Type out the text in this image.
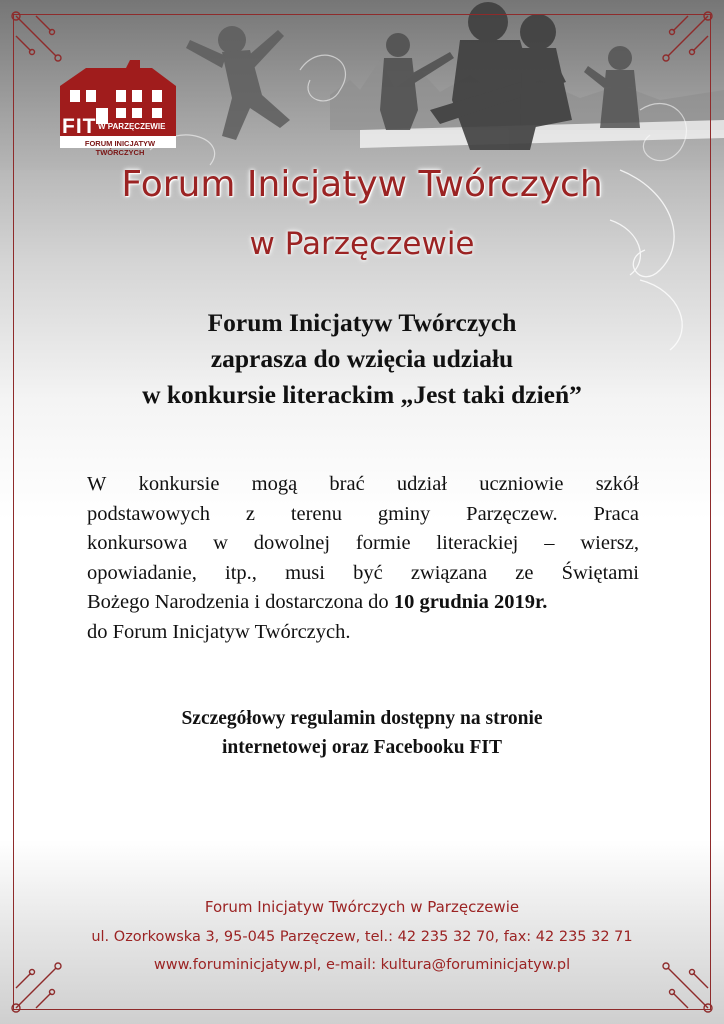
FIT W PARZĘCZEWIE
FORUM INICJATYW TWÓRCZYCH
Forum Inicjatyw Twórczych
w Parzęczewie
Forum Inicjatyw Twórczych
zaprasza do wzięcia udziału
w konkursie literackim „Jest taki dzień”
W konkursie mogą brać udział uczniowie szkół
podstawowych z terenu gminy Parzęczew. Praca
konkursowa w dowolnej formie literackiej – wiersz,
opowiadanie, itp., musi być związana ze Świętami
Bożego Narodzenia i dostarczona do
10 grudnia 2019r.
do Forum Inicjatyw Twórczych.
Szczegółowy regulamin dostępny na stronie
internetowej oraz Facebooku FIT
Forum Inicjatyw Twórczych w Parzęczewie
ul. Ozorkowska 3, 95-045 Parzęczew, tel.: 42 235 32 70, fax: 42 235 32 71
www.foruminicjatyw.pl, e-mail: kultura@foruminicjatyw.pl
